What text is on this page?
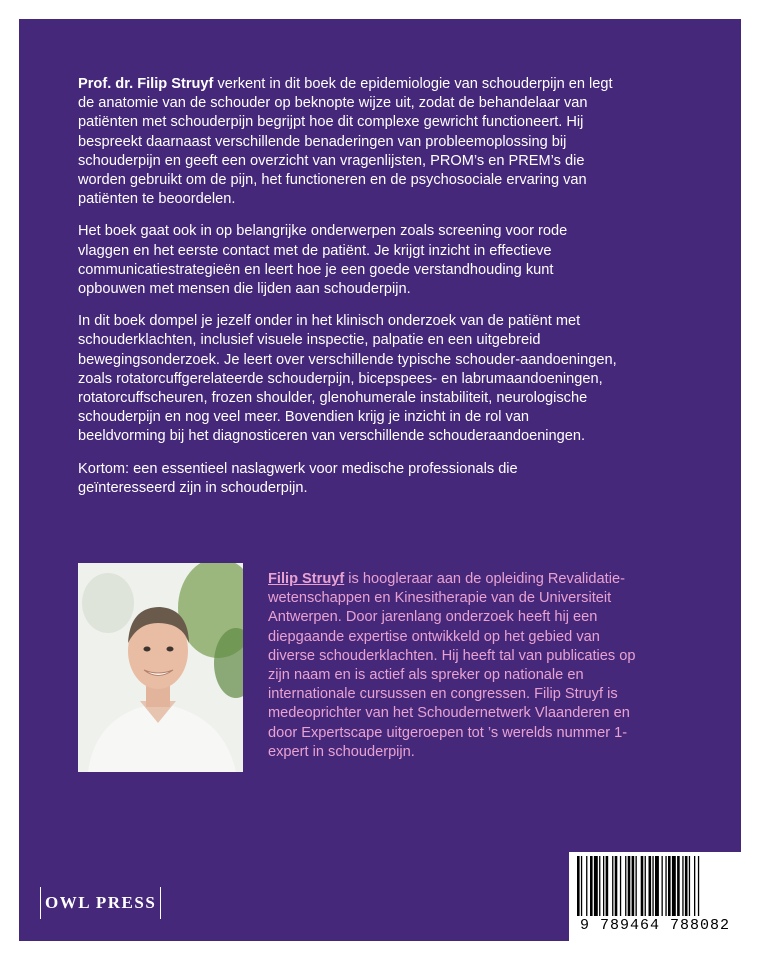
Prof. dr. Filip Struyf verkent in dit boek de epidemiologie van schouderpijn en legt de anatomie van de schouder op beknopte wijze uit, zodat de behandelaar van patiënten met schouderpijn begrijpt hoe dit complexe gewricht functioneert. Hij bespreekt daarnaast verschillende benaderingen van probleemoplossing bij schouderpijn en geeft een overzicht van vragenlijsten, PROM’s en PREM’s die worden gebruikt om de pijn, het functioneren en de psychosociale ervaring van patiënten te beoordelen.

Het boek gaat ook in op belangrijke onderwerpen zoals screening voor rode vlaggen en het eerste contact met de patiënt. Je krijgt inzicht in effectieve communicatiestrategieën en leert hoe je een goede verstandhouding kunt opbouwen met mensen die lijden aan schouderpijn.

In dit boek dompel je jezelf onder in het klinisch onderzoek van de patiënt met schouderklachten, inclusief visuele inspectie, palpatie en een uitgebreid bewegingsonderzoek. Je leert over verschillende typische schouder-aandoeningen, zoals rotatorcuffgerelateerde schouderpijn, bicepspees- en labrumaandoeningen, rotatorcuffscheuren, frozen shoulder, glenohumerale instabiliteit, neurologische schouderpijn en nog veel meer. Bovendien krijg je inzicht in de rol van beeldvorming bij het diagnosticeren van verschillende schouderaandoeningen.

Kortom: een essentieel naslagwerk voor medische professionals die geïnteresseerd zijn in schouderpijn.

Filip Struyf is hoogleraar aan de opleiding Revalidatie-wetenschappen en Kinesitherapie van de Universiteit Antwerpen. Door jarenlang onderzoek heeft hij een diepgaande expertise ontwikkeld op het gebied van diverse schouderklachten. Hij heeft tal van publicaties op zijn naam en is actief als spreker op nationale en internationale cursussen en congressen. Filip Struyf is medeoprichter van het Schoudernetwerk Vlaanderen en door Expertscape uitgeroepen tot ’s werelds nummer 1-expert in schouderpijn.
OWL PRESS
9 789464 788082
